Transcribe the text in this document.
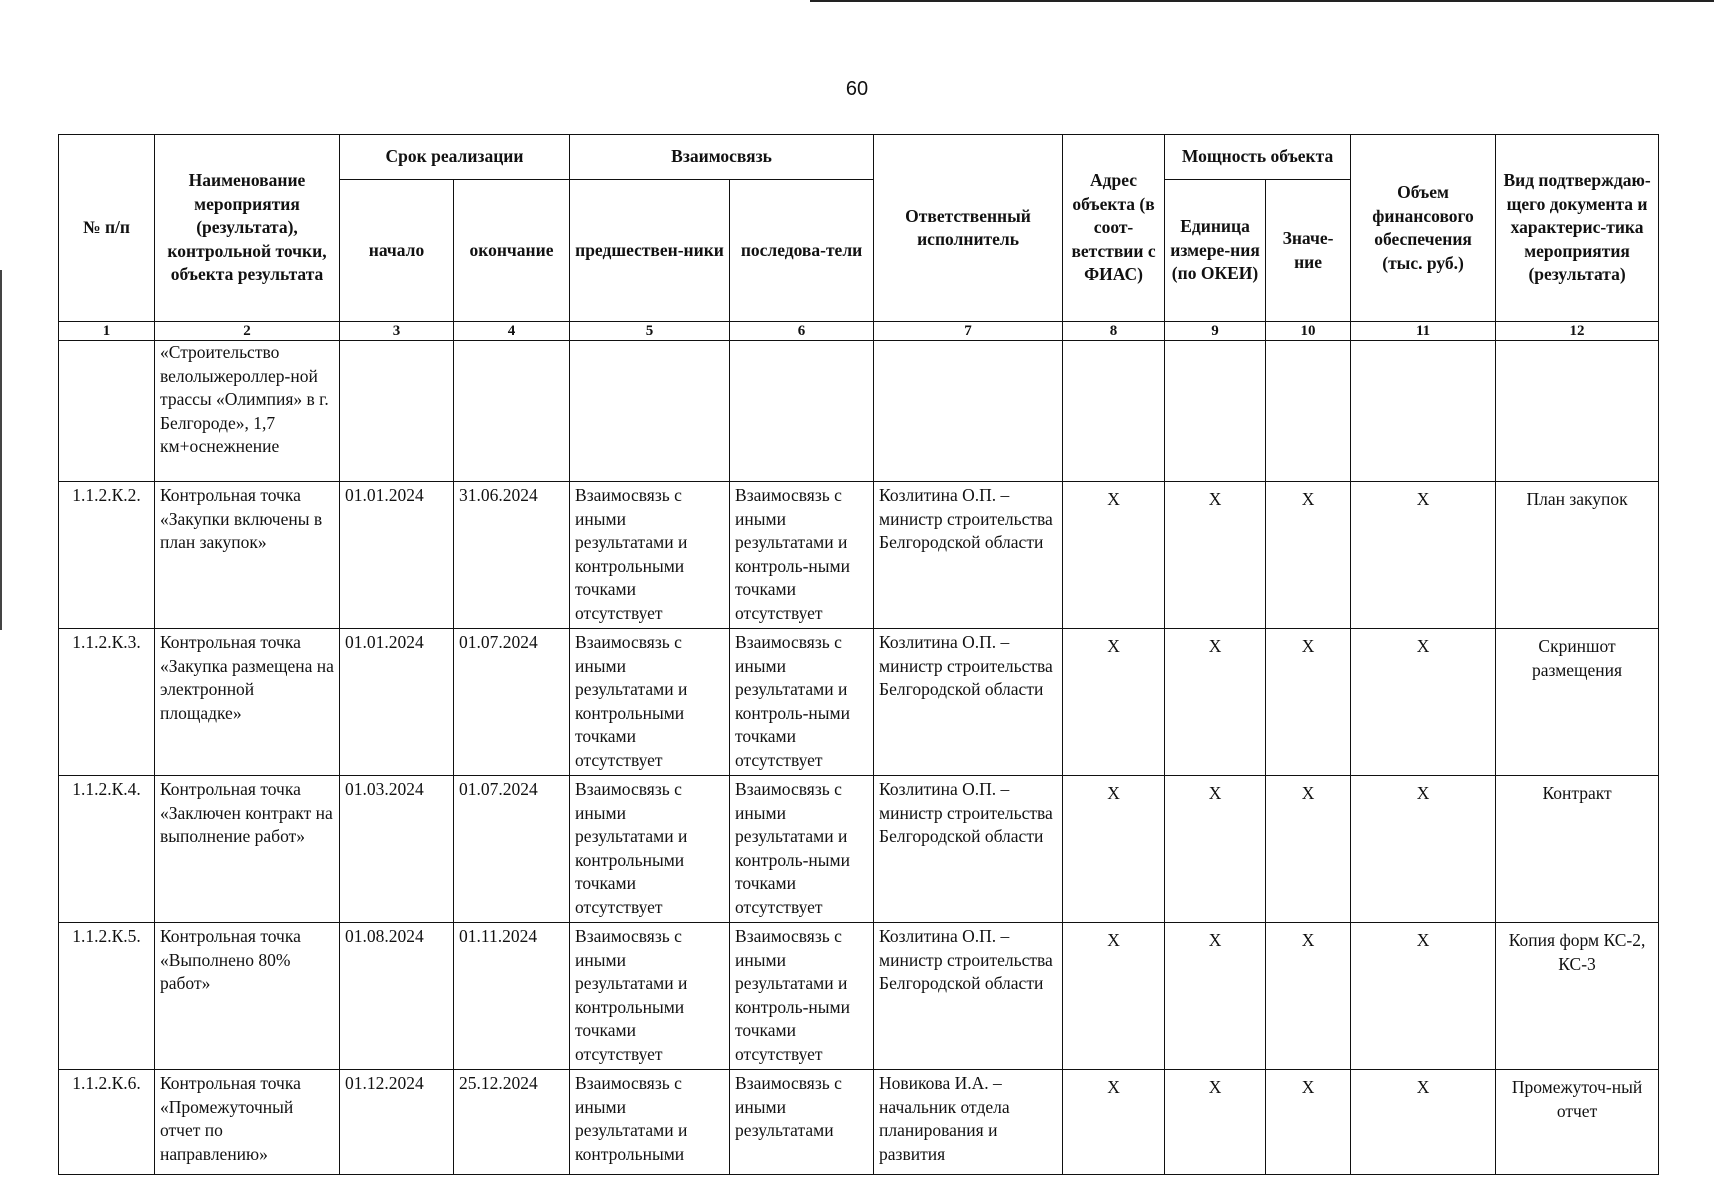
60
№ п/п	Наименование мероприятия (результата), контрольной точки, объекта результата	Срок реализации		Взаимосвязь		Ответственный исполнитель	Адрес объекта (в соот-ветствии с ФИАС)	Мощность объекта		Объем финансового обеспечения (тыс. руб.)	Вид подтверждаю-щего документа и характерис-тика мероприятия (результата)
		начало	окончание	предшествен-ники	последова-тели			Единица измере-ния (по ОКЕИ)	Значе-ние		
1	2	3	4	5	6	7	8	9	10	11	12
	«Строительство велолыжероллер-ной трассы «Олимпия» в г. Белгороде», 1,7 км+оснежнение										
1.1.2.К.2.	Контрольная точка «Закупки включены в план закупок»	01.01.2024	31.06.2024	Взаимосвязь с иными результатами и контрольными точками отсутствует	Взаимосвязь с иными результатами и контроль-ными точками отсутствует	Козлитина О.П. – министр строительства Белгородской области	Х	Х	Х	Х	План закупок
1.1.2.К.3.	Контрольная точка «Закупка размещена на электронной площадке»	01.01.2024	01.07.2024	Взаимосвязь с иными результатами и контрольными точками отсутствует	Взаимосвязь с иными результатами и контроль-ными точками отсутствует	Козлитина О.П. – министр строительства Белгородской области	Х	Х	Х	Х	Скриншот размещения
1.1.2.К.4.	Контрольная точка «Заключен контракт на выполнение работ»	01.03.2024	01.07.2024	Взаимосвязь с иными результатами и контрольными точками отсутствует	Взаимосвязь с иными результатами и контроль-ными точками отсутствует	Козлитина О.П. – министр строительства Белгородской области	Х	Х	Х	Х	Контракт
1.1.2.К.5.	Контрольная точка «Выполнено 80% работ»	01.08.2024	01.11.2024	Взаимосвязь с иными результатами и контрольными точками отсутствует	Взаимосвязь с иными результатами и контроль-ными точками отсутствует	Козлитина О.П. – министр строительства Белгородской области	Х	Х	Х	Х	Копия форм КС-2, КС-3
1.1.2.К.6.	Контрольная точка «Промежуточный отчет по направлению»	01.12.2024	25.12.2024	Взаимосвязь с иными результатами и контрольными	Взаимосвязь с иными результатами	Новикова И.А. – начальник отдела планирования и развития	Х	Х	Х	Х	Промежуточ-ный отчет
